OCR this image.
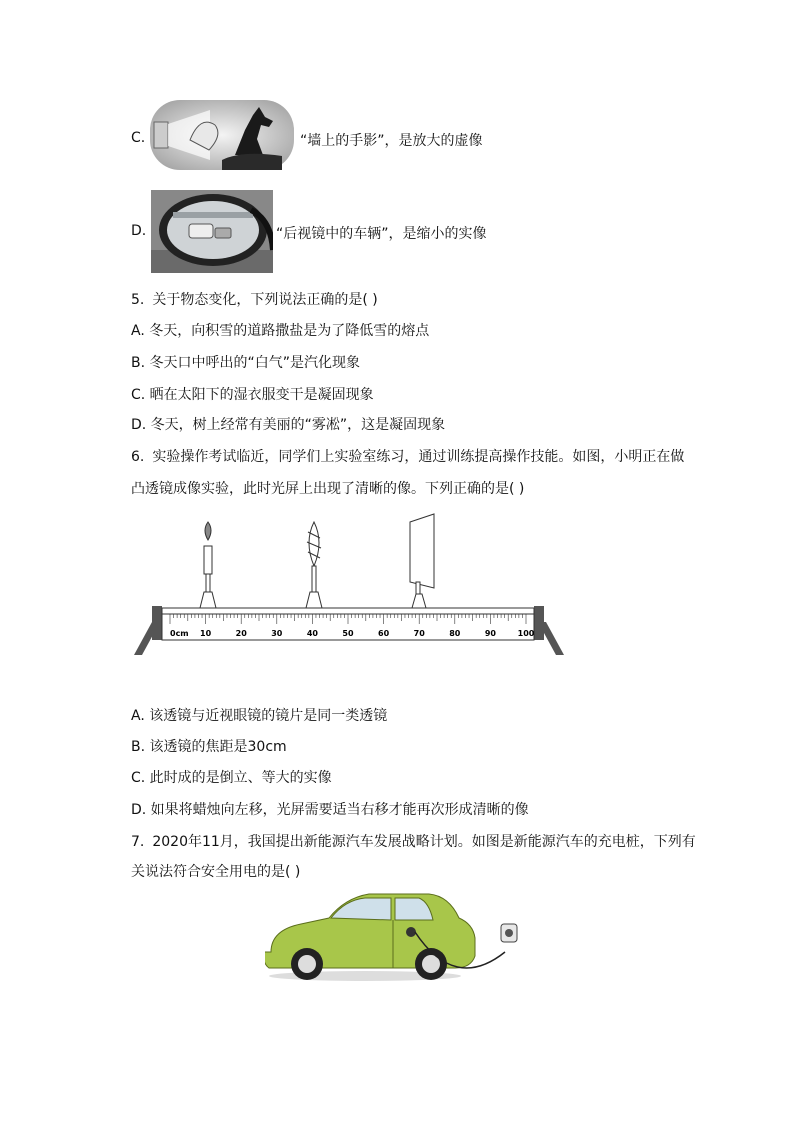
C.	“墙上的手影”，是放大的虚像
D.	“后视镜中的车辆”，是缩小的实像
5. 关于物态变化，下列说法正确的是( )
A. 冬天，向积雪的道路撒盐是为了降低雪的熔点
B. 冬天口中呼出的“白气”是汽化现象
C. 晒在太阳下的湿衣服变干是凝固现象
D. 冬天，树上经常有美丽的“雾凇”，这是凝固现象
6. 实验操作考试临近，同学们上实验室练习，通过训练提高操作技能。如图，小明正在做
凸透镜成像实验，此时光屏上出现了清晰的像。下列正确的是( )
0cm 10	20	30	40	50	60	70	80	90	100
A. 该透镜与近视眼镜的镜片是同一类透镜
B. 该透镜的焦距是30cm
C. 此时成的是倒立、等大的实像
D. 如果将蜡烛向左移，光屏需要适当右移才能再次形成清晰的像
7. 2020年11月，我国提出新能源汽车发展战略计划。如图是新能源汽车的充电桩，下列有
关说法符合安全用电的是( )
